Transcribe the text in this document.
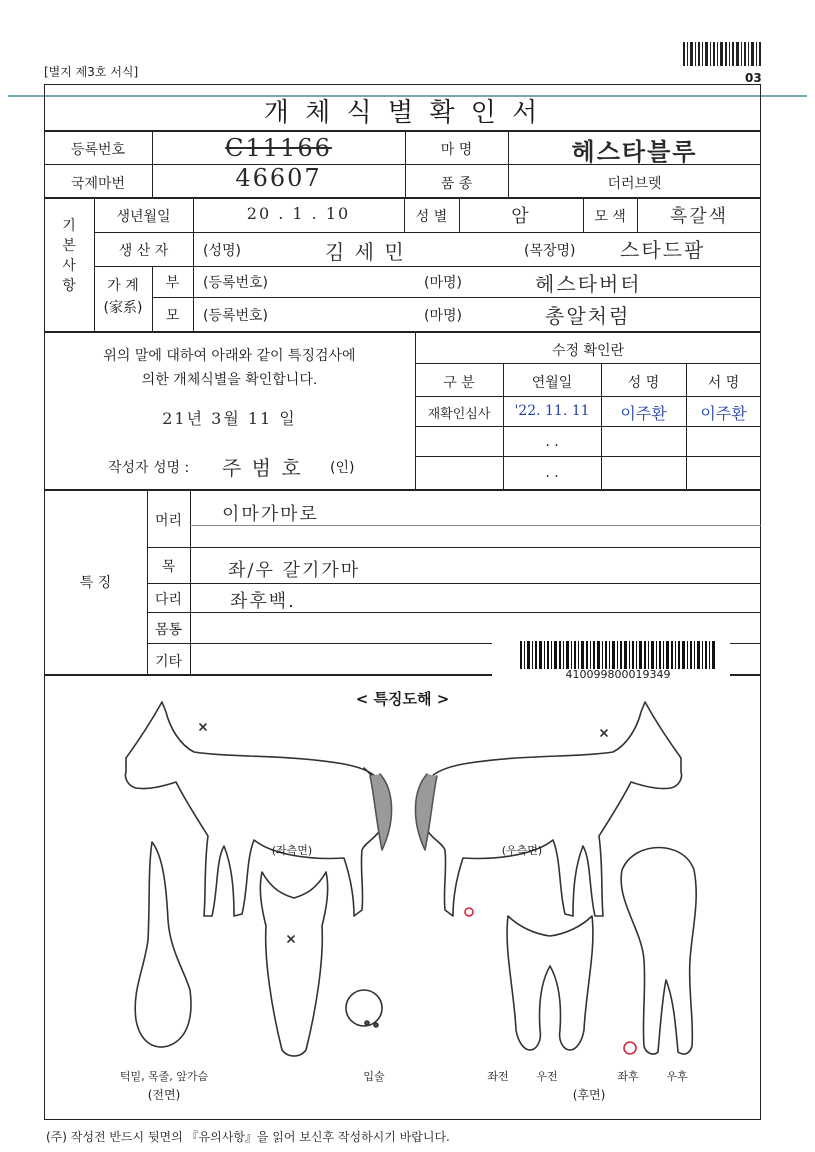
03
[별지 제3호 서식]
개 체 식 별 확 인 서
등록번호	C11166
국제마번	46607
마 명	헤스타블루
품 종	더러브렛
기
본
사
항
생년월일	20 . 1 . 10	성 별	암	모 색	흑갈색
생 산 자	(성명)	김 세 민	(목장명) 스타드팜
가 계
(家系)
부	(등록번호)	(마명)	헤스타버터
모	(등록번호)	(마명)	총알처럼
위의 말에 대하여 아래와 같이 특징검사에
의한 개체식별을 확인합니다.
21년 3월 11 일
작성자 성명 : 주 범 호 (인)
수정 확인란
구 분	연월일	성 명	서 명
재확인심사	'22. 11. 11	이주환	이주환
. .
. .
특 징
머리	이마가마로
목	좌/우 갈기가마
다리	좌후백.
몸통
기타
410099800019349
< 특징도해 >
(좌측면)	(우측면)
턱밑, 목줄, 앞가슴
(전면)
입술	좌전	우전	좌후	우후
(후면)
(주) 작성전 반드시 뒷면의 『유의사항』을 읽어 보신후 작성하시기 바랍니다.
